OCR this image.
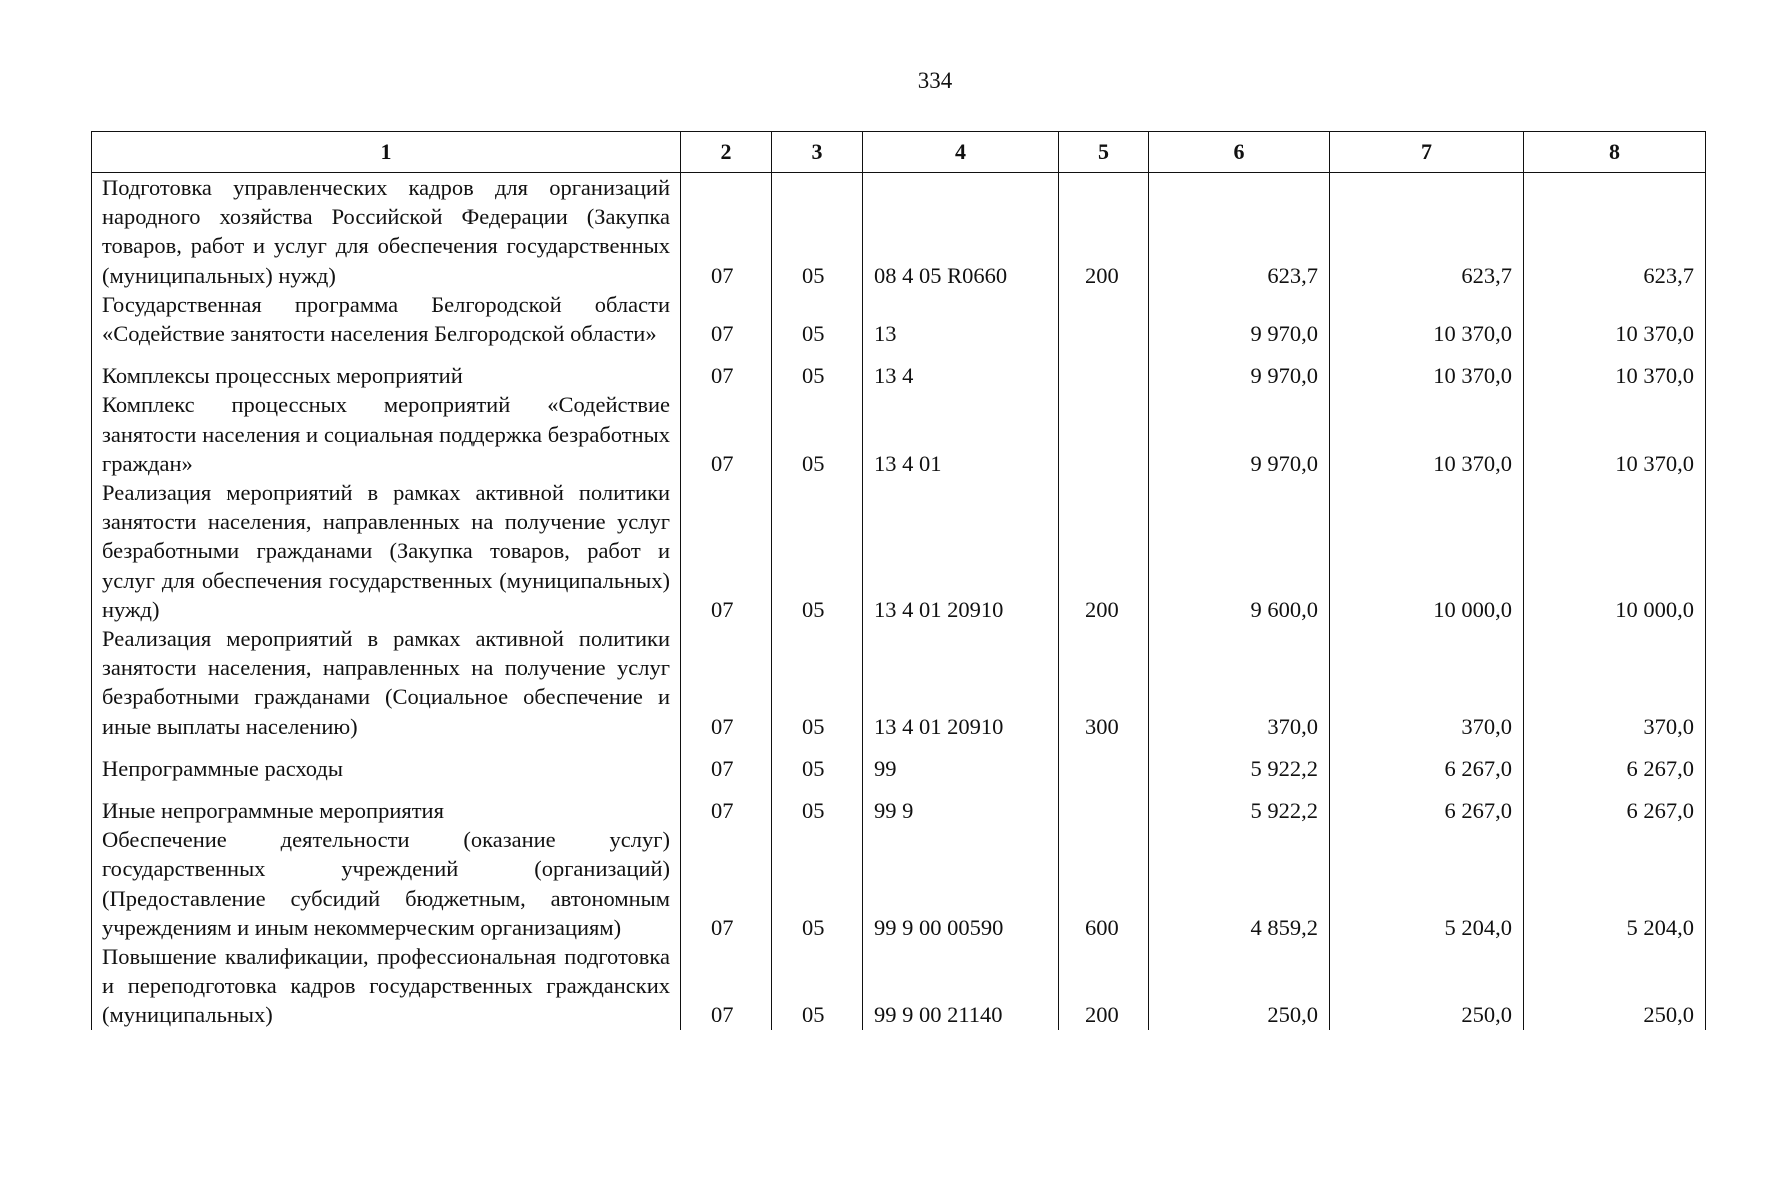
334
1	2	3	4	5	6	7	8
Подготовка управленческих кадров для организаций народного хозяйства Российской Федерации (Закупка товаров, работ и услуг для обеспечения государственных (муниципальных) нужд)	07	05	08 4 05 R0660	200	623,7	623,7	623,7
Государственная программа Белгородской области «Содействие занятости населения Белгородской области»	07	05	13		9 970,0	10 370,0	10 370,0
Комплексы процессных мероприятий	07	05	13 4		9 970,0	10 370,0	10 370,0
Комплекс процессных мероприятий «Содействие занятости населения и социальная поддержка безработных граждан»	07	05	13 4 01		9 970,0	10 370,0	10 370,0
Реализация мероприятий в рамках активной политики занятости населения, направленных на получение услуг безработными гражданами (Закупка товаров, работ и услуг для обеспечения государственных (муниципальных) нужд)	07	05	13 4 01 20910	200	9 600,0	10 000,0	10 000,0
Реализация мероприятий в рамках активной политики занятости населения, направленных на получение услуг безработными гражданами (Социальное обеспечение и иные выплаты населению)	07	05	13 4 01 20910	300	370,0	370,0	370,0
Непрограммные расходы	07	05	99		5 922,2	6 267,0	6 267,0
Иные непрограммные мероприятия	07	05	99 9		5 922,2	6 267,0	6 267,0
Обеспечение деятельности (оказание услуг) государственных учреждений (организаций) (Предоставление субсидий бюджетным, автономным учреждениям и иным некоммерческим организациям)	07	05	99 9 00 00590	600	4 859,2	5 204,0	5 204,0
Повышение квалификации, профессиональная подготовка и переподготовка кадров государственных гражданских (муниципальных)	07	05	99 9 00 21140	200	250,0	250,0	250,0
